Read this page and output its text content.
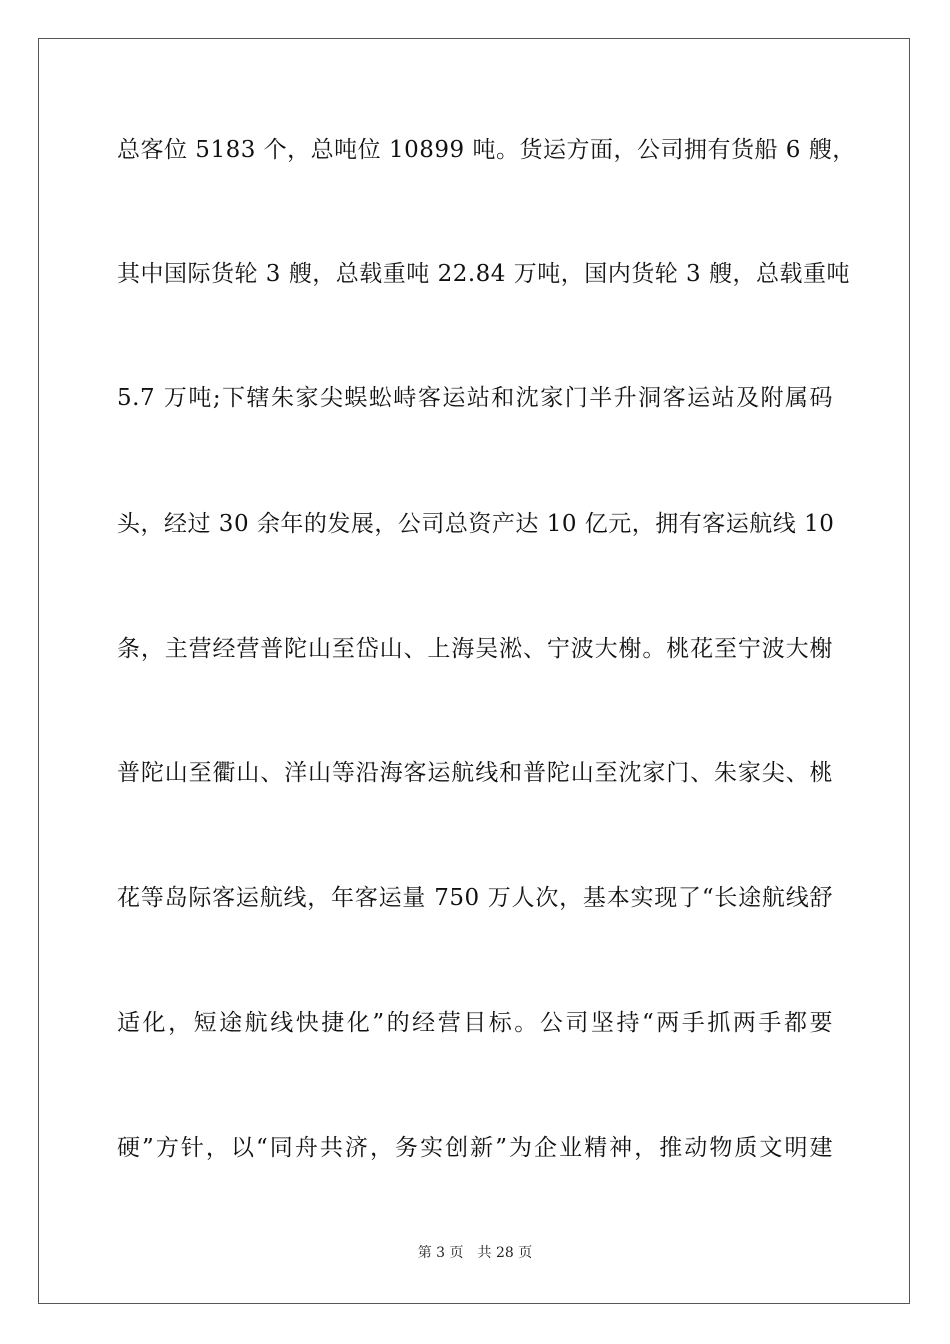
总客位 5183 个，总吨位 10899 吨。货运方面，公司拥有货船 6 艘，
其中国际货轮 3 艘，总载重吨 22.84 万吨，国内货轮 3 艘，总载重吨
5.7 万吨;下辖朱家尖蜈蚣峙客运站和沈家门半升洞客运站及附属码
头，经过 30 余年的发展，公司总资产达 10 亿元，拥有客运航线 10
条，主营经营普陀山至岱山、上海吴淞、宁波大榭。桃花至宁波大榭
普陀山至衢山、洋山等沿海客运航线和普陀山至沈家门、朱家尖、桃
花等岛际客运航线，年客运量 750 万人次，基本实现了“长途航线舒
适化，短途航线快捷化”的经营目标。公司坚持“两手抓两手都要
硬”方针，以“同舟共济，务实创新”为企业精神，推动物质文明建
第 3 页 共 28 页
